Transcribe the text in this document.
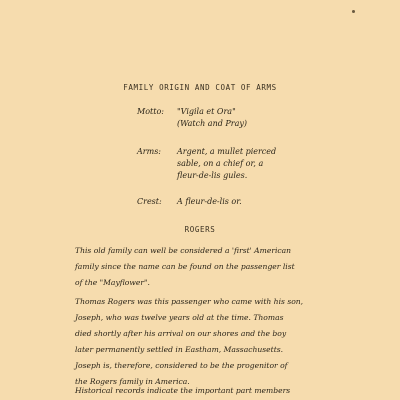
FAMILY ORIGIN AND COAT OF ARMS
Motto: "Vigila et Ora"
(Watch and Pray)
Arms: Argent, a mullet pierced
sable, on a chief or, a
fleur-de-lis gules.
Crest: A fleur-de-lis or.
ROGERS
This old family can well be considered a 'first' American
family since the name can be found on the passenger list
of the "Mayflower".
Thomas Rogers was this passenger who came with his son,
Joseph, who was twelve years old at the time. Thomas
died shortly after his arrival on our shores and the boy
later permanently settled in Eastham, Massachusetts.
Joseph is, therefore, considered to be the progenitor of
the Rogers family in America.
Historical records indicate the important part members
